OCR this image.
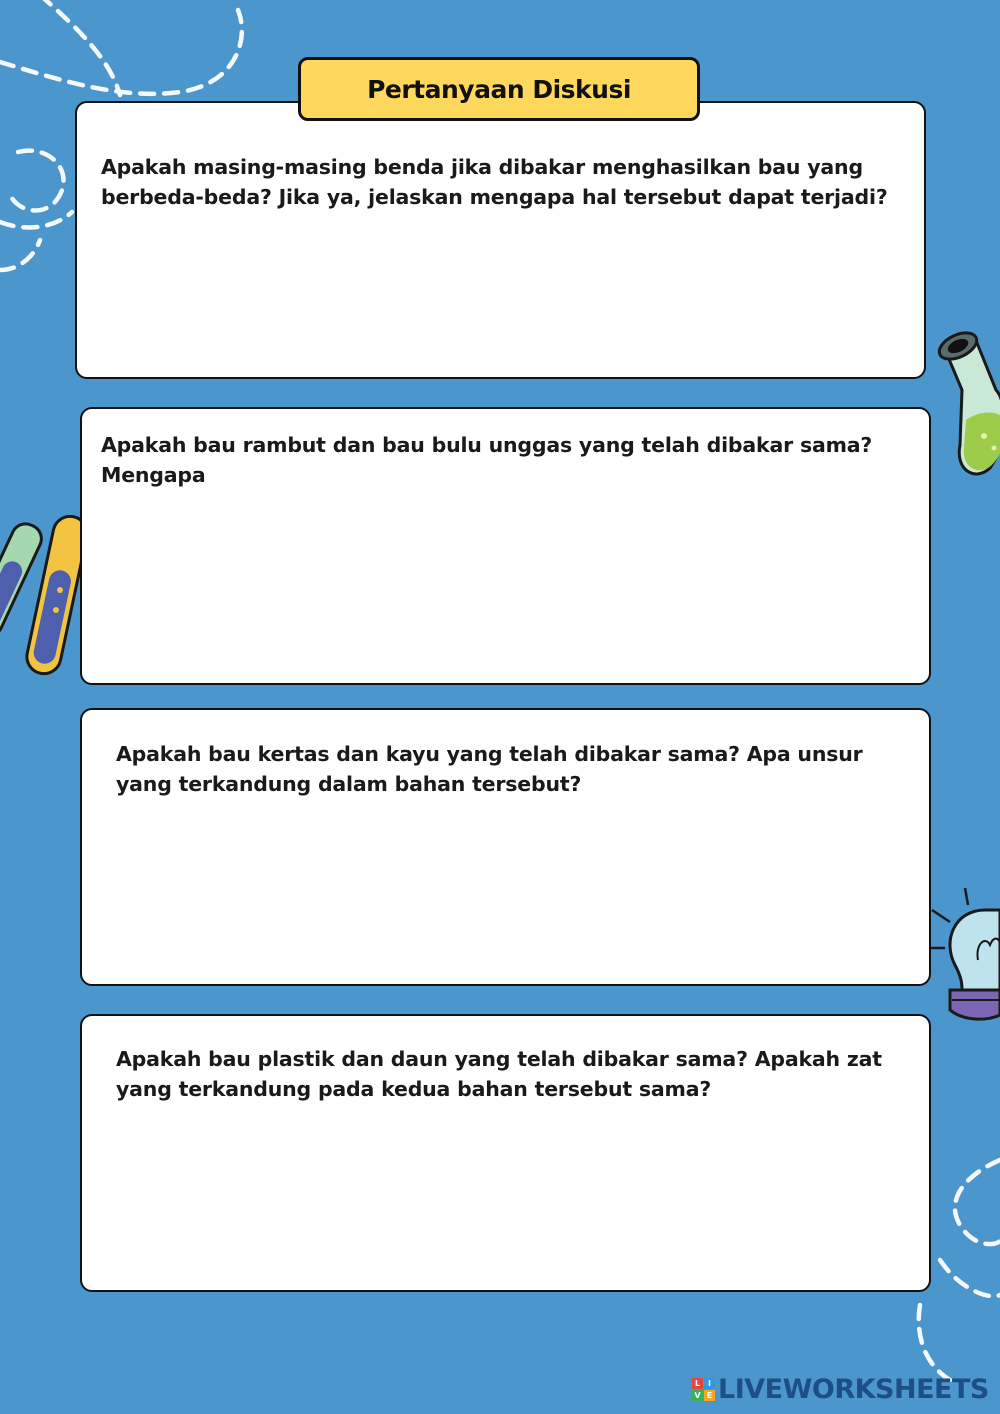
Pertanyaan Diskusi

Apakah masing-masing benda jika dibakar menghasilkan bau yang berbeda-beda? Jika ya, jelaskan mengapa hal tersebut dapat terjadi?

Apakah bau rambut dan bau bulu unggas yang telah dibakar sama? Mengapa

Apakah bau kertas dan kayu yang telah dibakar sama? Apa unsur yang terkandung dalam bahan tersebut?

Apakah bau plastik dan daun yang telah dibakar sama? Apakah zat yang terkandung pada kedua bahan tersebut sama?

L I
V E LIVEWORKSHEETS
